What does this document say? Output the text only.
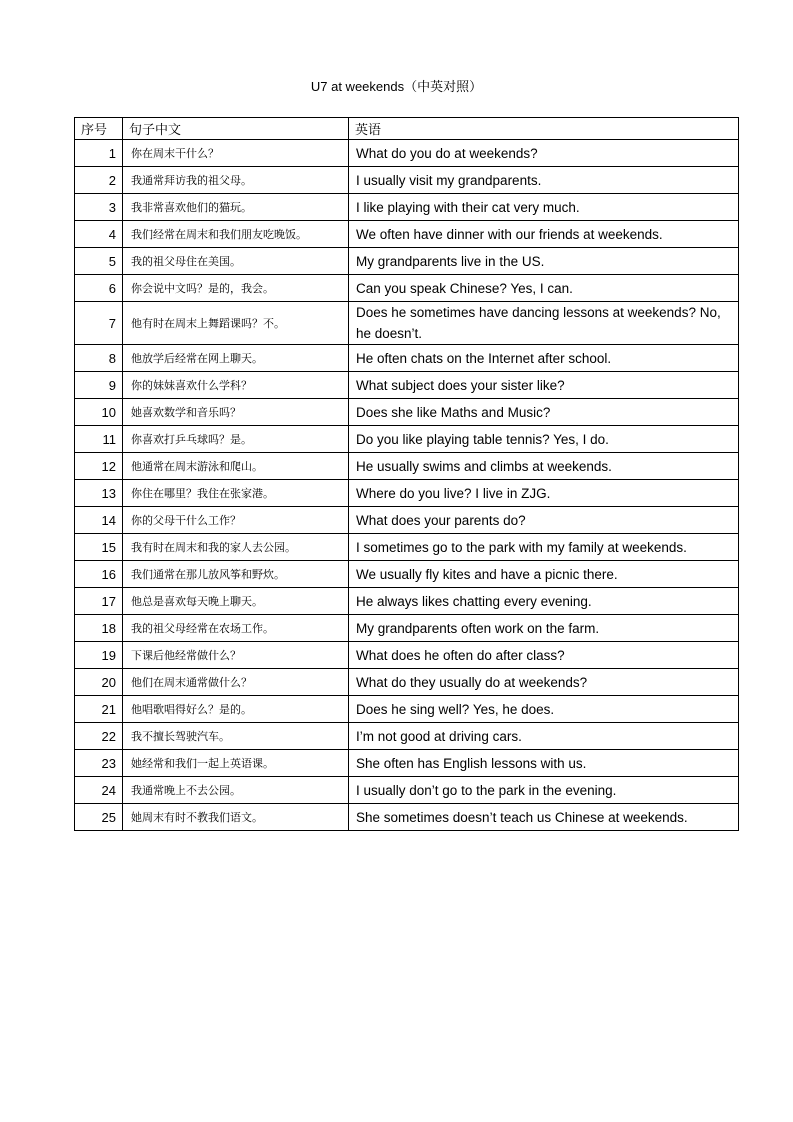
U7 at weekends（中英对照）
序号	句子中文	英语
1	你在周末干什么？	What do you do at weekends?
2	我通常拜访我的祖父母。	I usually visit my grandparents.
3	我非常喜欢他们的猫玩。	I like playing with their cat very much.
4	我们经常在周末和我们朋友吃晚饭。	We often have dinner with our friends at weekends.
5	我的祖父母住在美国。	My grandparents live in the US.
6	你会说中文吗？是的，我会。	Can you speak Chinese? Yes, I can.
7	他有时在周末上舞蹈课吗？不。	Does he sometimes have dancing lessons at weekends? No, he doesn’t.
8	他放学后经常在网上聊天。	He often chats on the Internet after school.
9	你的妹妹喜欢什么学科？	What subject does your sister like?
10	她喜欢数学和音乐吗？	Does she like Maths and Music?
11	你喜欢打乒乓球吗？是。	Do you like playing table tennis? Yes, I do.
12	他通常在周末游泳和爬山。	He usually swims and climbs at weekends.
13	你住在哪里？我住在张家港。	Where do you live? I live in ZJG.
14	你的父母干什么工作？	What does your parents do?
15	我有时在周末和我的家人去公园。	I sometimes go to the park with my family at weekends.
16	我们通常在那儿放风筝和野炊。	We usually fly kites and have a picnic there.
17	他总是喜欢每天晚上聊天。	He always likes chatting every evening.
18	我的祖父母经常在农场工作。	My grandparents often work on the farm.
19	下课后他经常做什么？	What does he often do after class?
20	他们在周末通常做什么？	What do they usually do at weekends?
21	他唱歌唱得好么？是的。	Does he sing well? Yes, he does.
22	我不擅长驾驶汽车。	I’m not good at driving cars.
23	她经常和我们一起上英语课。	She often has English lessons with us.
24	我通常晚上不去公园。	I usually don’t go to the park in the evening.
25	她周末有时不教我们语文。	She sometimes doesn’t teach us Chinese at weekends.
